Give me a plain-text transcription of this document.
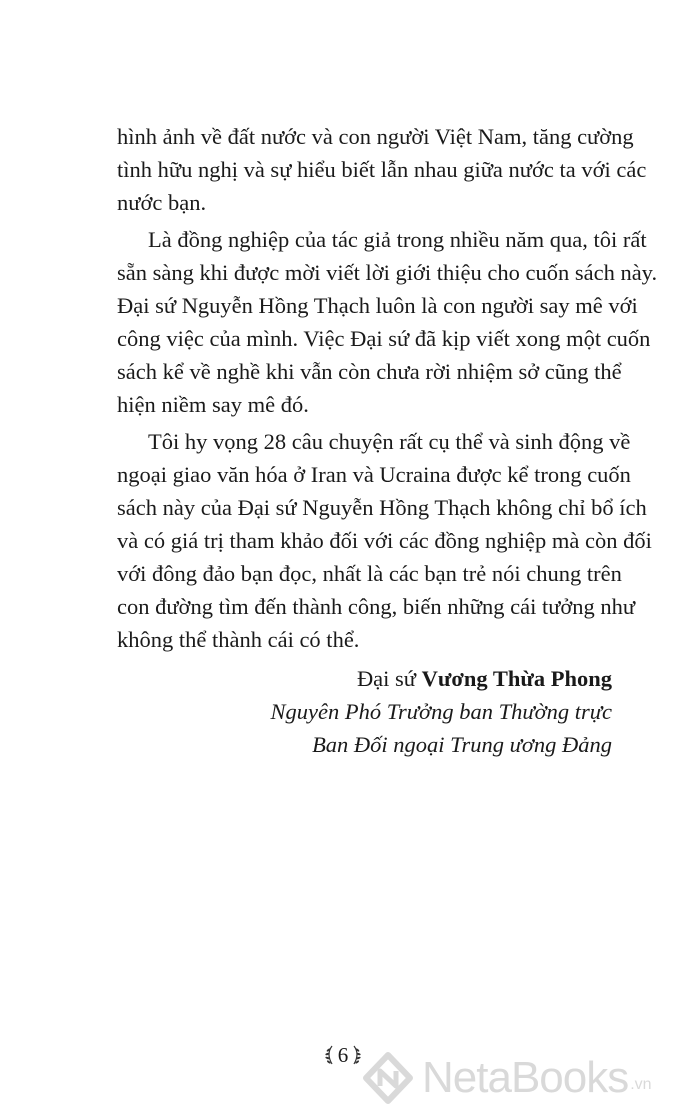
hình ảnh về đất nước và con người Việt Nam, tăng cường
tình hữu nghị và sự hiểu biết lẫn nhau giữa nước ta với các
nước bạn.
Là đồng nghiệp của tác giả trong nhiều năm qua, tôi rất
sẵn sàng khi được mời viết lời giới thiệu cho cuốn sách này.
Đại sứ Nguyễn Hồng Thạch luôn là con người say mê với
công việc của mình. Việc Đại sứ đã kịp viết xong một cuốn
sách kể về nghề khi vẫn còn chưa rời nhiệm sở cũng thể
hiện niềm say mê đó.
Tôi hy vọng 28 câu chuyện rất cụ thể và sinh động về
ngoại giao văn hóa ở Iran và Ucraina được kể trong cuốn
sách này của Đại sứ Nguyễn Hồng Thạch không chỉ bổ ích
và có giá trị tham khảo đối với các đồng nghiệp mà còn đối
với đông đảo bạn đọc, nhất là các bạn trẻ nói chung trên
con đường tìm đến thành công, biến những cái tưởng như
không thể thành cái có thể.
Đại sứ Vương Thừa Phong
Nguyên Phó Trưởng ban Thường trực
Ban Đối ngoại Trung ương Đảng
6 NetaBooks .vn
